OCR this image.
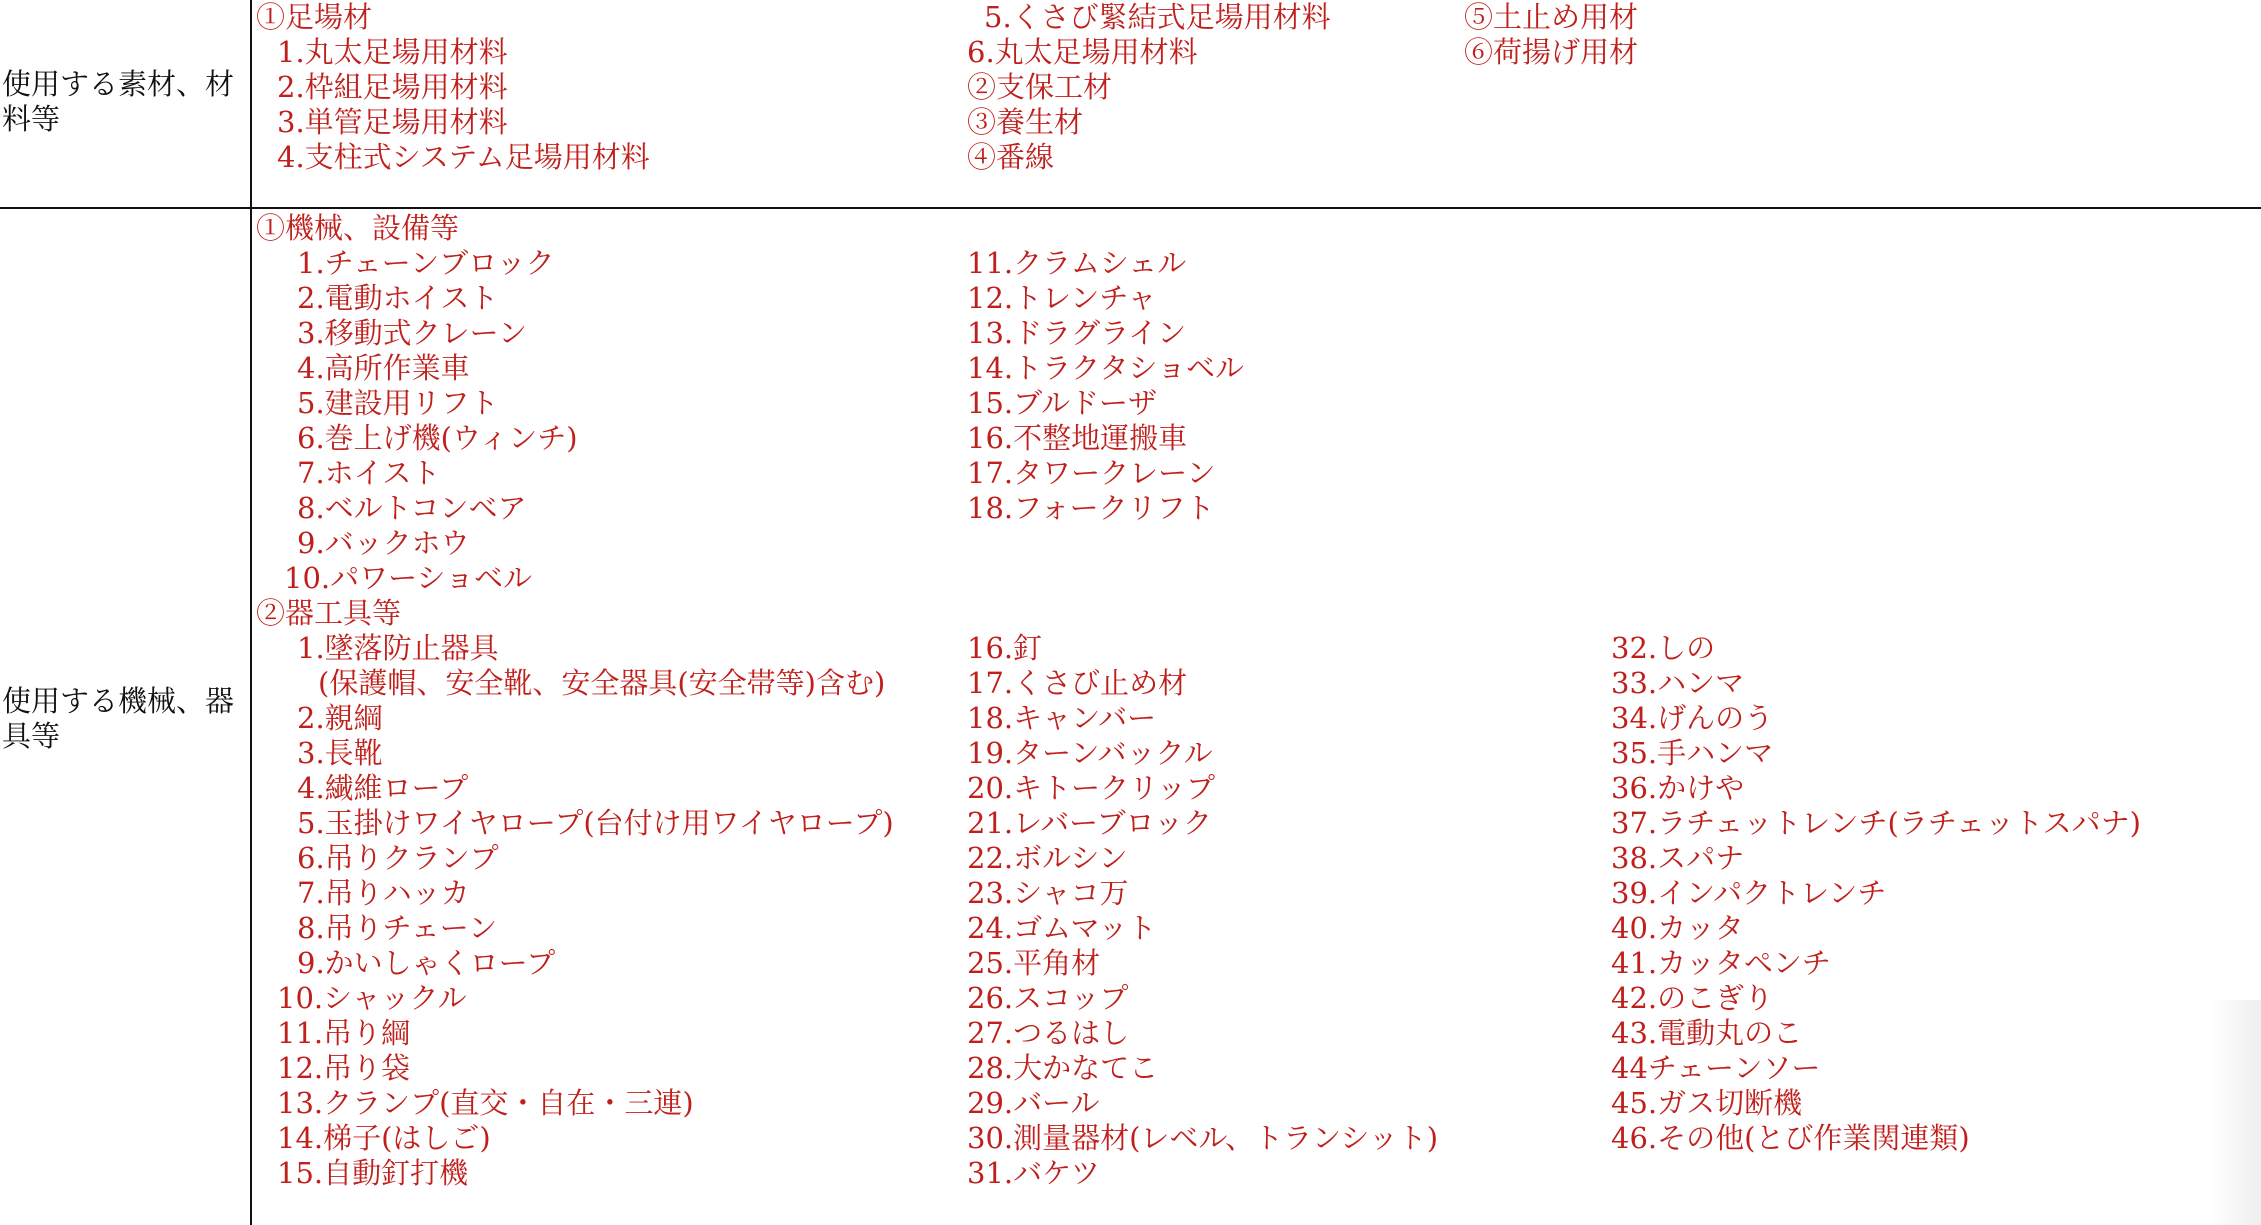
使用する素材、材料等
使用する機械、器具等
①足場材
1.丸太足場用材料
2.枠組足場用材料
3.単管足場用材料
4.支柱式システム足場用材料
5.くさび緊結式足場用材料
6.丸太足場用材料
②支保工材
③養生材
④番線
⑤土止め用材
⑥荷揚げ用材
①機械、設備等
1.チェーンブロック
2.電動ホイスト
3.移動式クレーン
4.高所作業車
5.建設用リフト
6.巻上げ機(ウィンチ)
7.ホイスト
8.ベルトコンベア
9.バックホウ
10.パワーショベル
11.クラムシェル
12.トレンチャ
13.ドラグライン
14.トラクタショベル
15.ブルドーザ
16.不整地運搬車
17.タワークレーン
18.フォークリフト
②器工具等
1.墜落防止器具
(保護帽、安全靴、安全器具(安全帯等)含む)
2.親綱
3.長靴
4.繊維ロープ
5.玉掛けワイヤロープ(台付け用ワイヤロープ)
6.吊りクランプ
7.吊りハッカ
8.吊りチェーン
9.かいしゃくロープ
10.シャックル
11.吊り綱
12.吊り袋
13.クランプ(直交・自在・三連)
14.梯子(はしご)
15.自動釘打機
16.釘
17.くさび止め材
18.キャンバー
19.ターンバックル
20.キトークリップ
21.レバーブロック
22.ボルシン
23.シャコ万
24.ゴムマット
25.平角材
26.スコップ
27.つるはし
28.大かなてこ
29.バール
30.測量器材(レベル、トランシット)
31.バケツ
32.しの
33.ハンマ
34.げんのう
35.手ハンマ
36.かけや
37.ラチェットレンチ(ラチェットスパナ)
38.スパナ
39.インパクトレンチ
40.カッタ
41.カッタペンチ
42.のこぎり
43.電動丸のこ
44チェーンソー
45.ガス切断機
46.その他(とび作業関連類)
